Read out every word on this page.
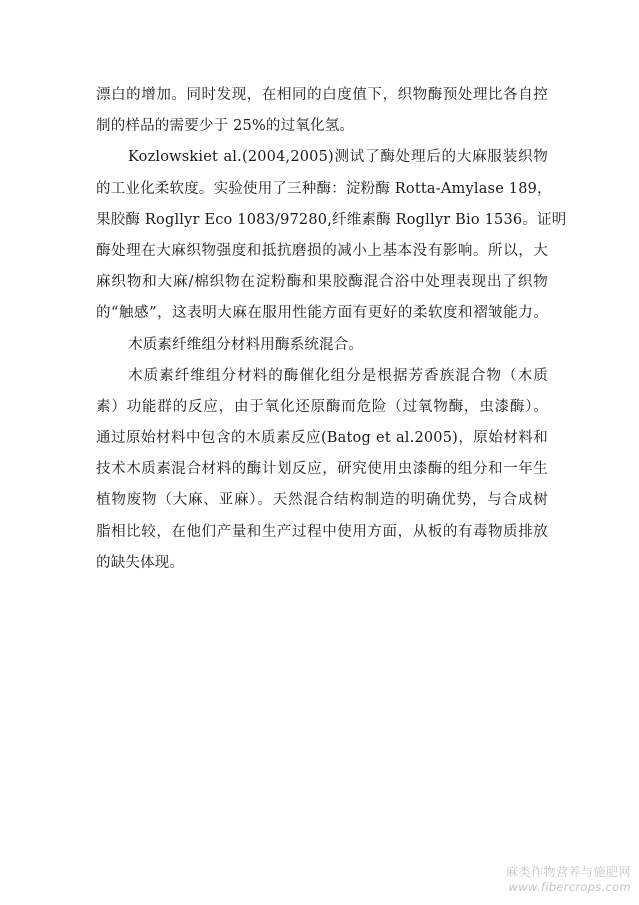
漂白的增加。同时发现，在相同的白度值下，织物酶预处理比各自控
制的样品的需要少于 25%的过氧化氢。
Kozlowskiet al.(2004,2005)测试了酶处理后的大麻服装织物
的工业化柔软度。实验使用了三种酶：淀粉酶 Rotta-Amylase 189，
果胶酶 Rogllyr Eco 1083/97280,纤维素酶 Rogllyr Bio 1536。证明
酶处理在大麻织物强度和抵抗磨损的减小上基本没有影响。所以，大
麻织物和大麻/棉织物在淀粉酶和果胶酶混合浴中处理表现出了织物
的“触感”，这表明大麻在服用性能方面有更好的柔软度和褶皱能力。
木质素纤维组分材料用酶系统混合。
木质素纤维组分材料的酶催化组分是根据芳香族混合物（木质
素）功能群的反应，由于氧化还原酶而危险（过氧物酶，虫漆酶）。
通过原始材料中包含的木质素反应(Batog et al.2005)，原始材料和
技术木质素混合材料的酶计划反应，研究使用虫漆酶的组分和一年生
植物废物（大麻、亚麻）。天然混合结构制造的明确优势，与合成树
脂相比较，在他们产量和生产过程中使用方面，从板的有毒物质排放
的缺失体现。
麻类作物营养与施肥网
www.fibercrops.com
